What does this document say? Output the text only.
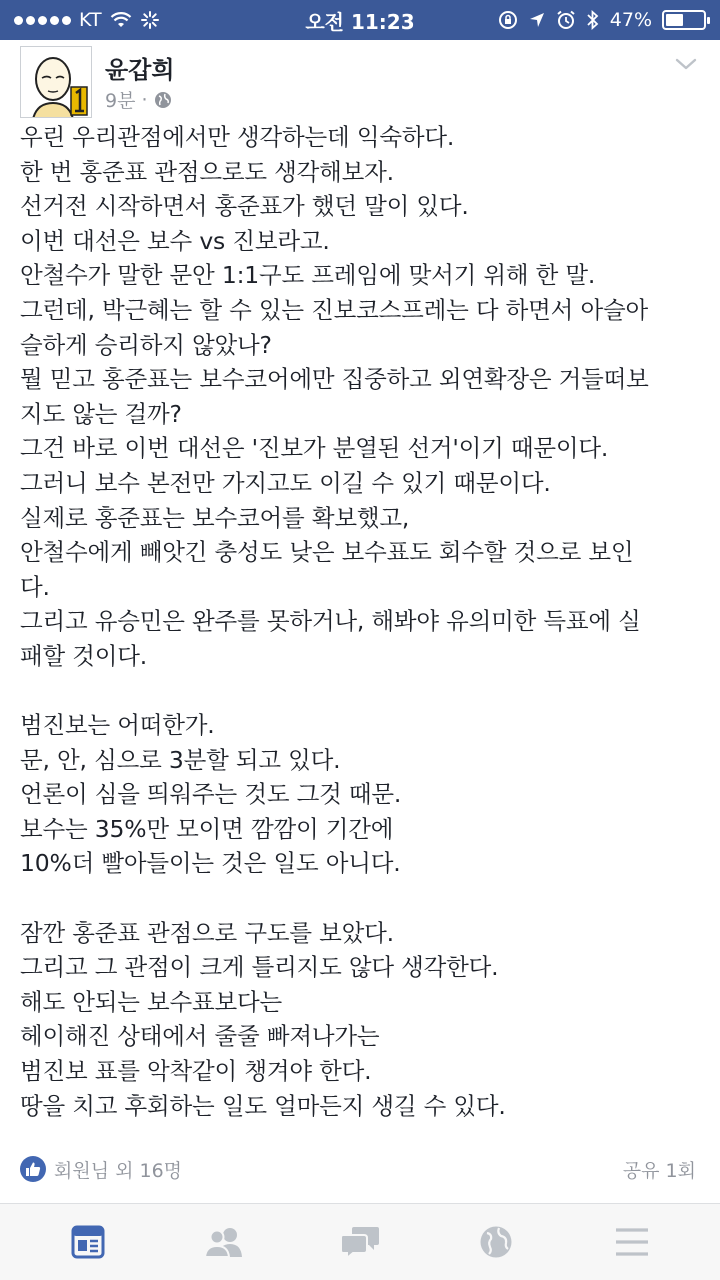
KT	오전 11:23	47%
윤갑희
9분 ·
우린 우리관점에서만 생각하는데 익숙하다.
한 번 홍준표 관점으로도 생각해보자.
선거전 시작하면서 홍준표가 했던 말이 있다.
이번 대선은 보수 vs 진보라고.
안철수가 말한 문안 1:1구도 프레임에 맞서기 위해 한 말.
그런데, 박근혜는 할 수 있는 진보코스프레는 다 하면서 아슬아
슬하게 승리하지 않았나?
뭘 믿고 홍준표는 보수코어에만 집중하고 외연확장은 거들떠보
지도 않는 걸까?
그건 바로 이번 대선은 '진보가 분열된 선거'이기 때문이다.
그러니 보수 본전만 가지고도 이길 수 있기 때문이다.
실제로 홍준표는 보수코어를 확보했고,
안철수에게 빼앗긴 충성도 낮은 보수표도 회수할 것으로 보인
다.
그리고 유승민은 완주를 못하거나, 해봐야 유의미한 득표에 실
패할 것이다.
범진보는 어떠한가.
문, 안, 심으로 3분할 되고 있다.
언론이 심을 띄워주는 것도 그것 때문.
보수는 35%만 모이면 깜깜이 기간에
10%더 빨아들이는 것은 일도 아니다.
잠깐 홍준표 관점으로 구도를 보았다.
그리고 그 관점이 크게 틀리지도 않다 생각한다.
해도 안되는 보수표보다는
헤이해진 상태에서 줄줄 빠져나가는
범진보 표를 악착같이 챙겨야 한다.
땅을 치고 후회하는 일도 얼마든지 생길 수 있다.
회원님 외 16명	공유 1회
